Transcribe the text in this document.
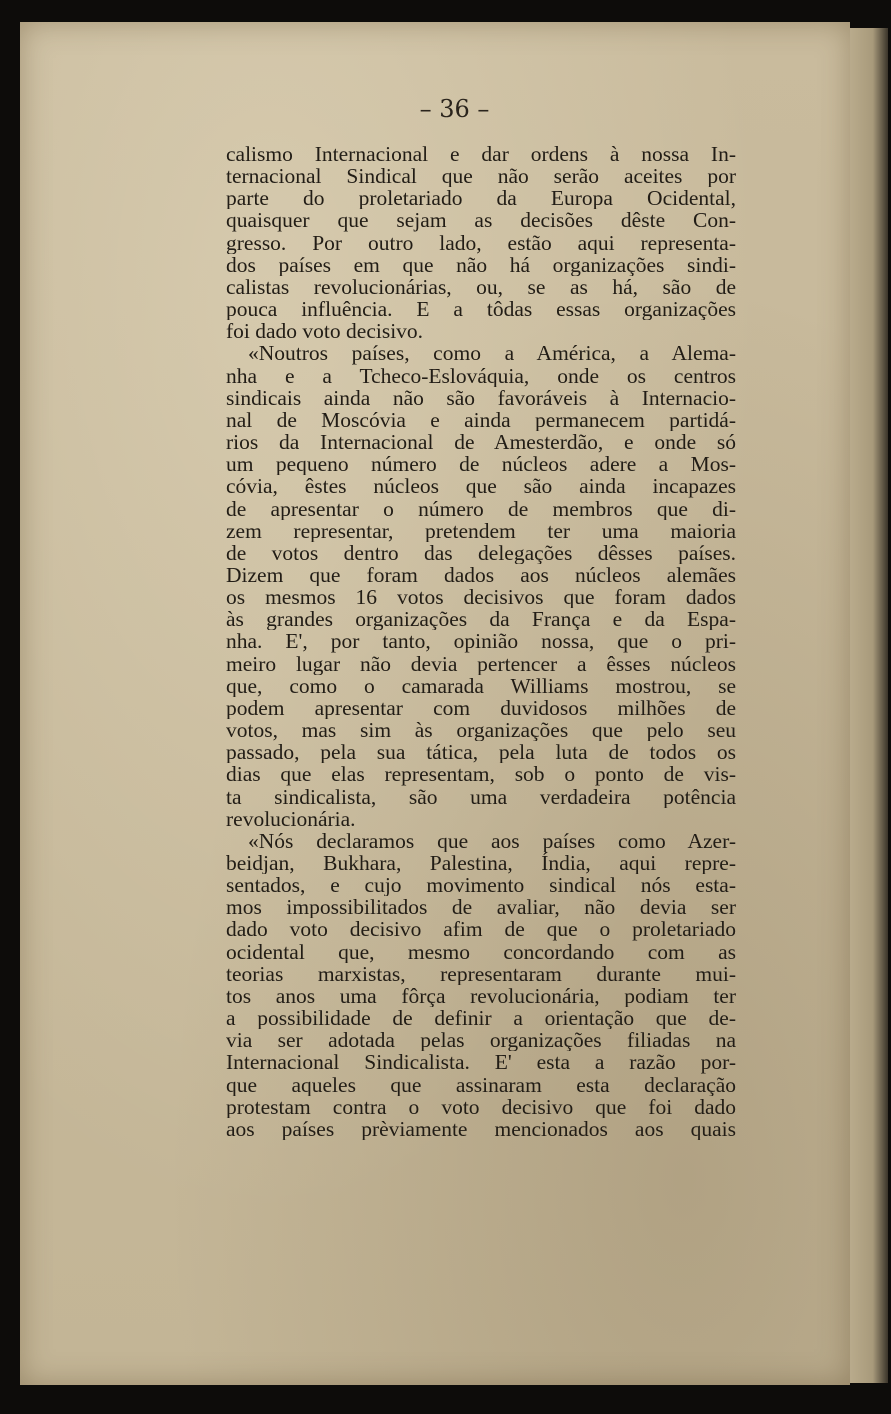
– 36 –
calismo Internacional e dar ordens à nossa In-
ternacional Sindical que não serão aceites por
parte do proletariado da Europa Ocidental,
quaisquer que sejam as decisões dêste Con-
gresso. Por outro lado, estão aqui representa-
dos países em que não há organizações sindi-
calistas revolucionárias, ou, se as há, são de
pouca influência. E a tôdas essas organizações
foi dado voto decisivo.
«Noutros países, como a América, a Alema-
nha e a Tcheco-Eslováquia, onde os centros
sindicais ainda não são favoráveis à Internacio-
nal de Moscóvia e ainda permanecem partidá-
rios da Internacional de Amesterdão, e onde só
um pequeno número de núcleos adere a Mos-
cóvia, êstes núcleos que são ainda incapazes
de apresentar o número de membros que di-
zem representar, pretendem ter uma maioria
de votos dentro das delegações dêsses países.
Dizem que foram dados aos núcleos alemães
os mesmos 16 votos decisivos que foram dados
às grandes organizações da França e da Espa-
nha. E', por tanto, opinião nossa, que o pri-
meiro lugar não devia pertencer a êsses núcleos
que, como o camarada Williams mostrou, se
podem apresentar com duvidosos milhões de
votos, mas sim às organizações que pelo seu
passado, pela sua tática, pela luta de todos os
dias que elas representam, sob o ponto de vis-
ta sindicalista, são uma verdadeira potência
revolucionária.
«Nós declaramos que aos países como Azer-
beidjan, Bukhara, Palestina, Índia, aqui repre-
sentados, e cujo movimento sindical nós esta-
mos impossibilitados de avaliar, não devia ser
dado voto decisivo afim de que o proletariado
ocidental que, mesmo concordando com as
teorias marxistas, representaram durante mui-
tos anos uma fôrça revolucionária, podiam ter
a possibilidade de definir a orientação que de-
via ser adotada pelas organizações filiadas na
Internacional Sindicalista. E' esta a razão por-
que aqueles que assinaram esta declaração
protestam contra o voto decisivo que foi dado
aos países prèviamente mencionados aos quais
